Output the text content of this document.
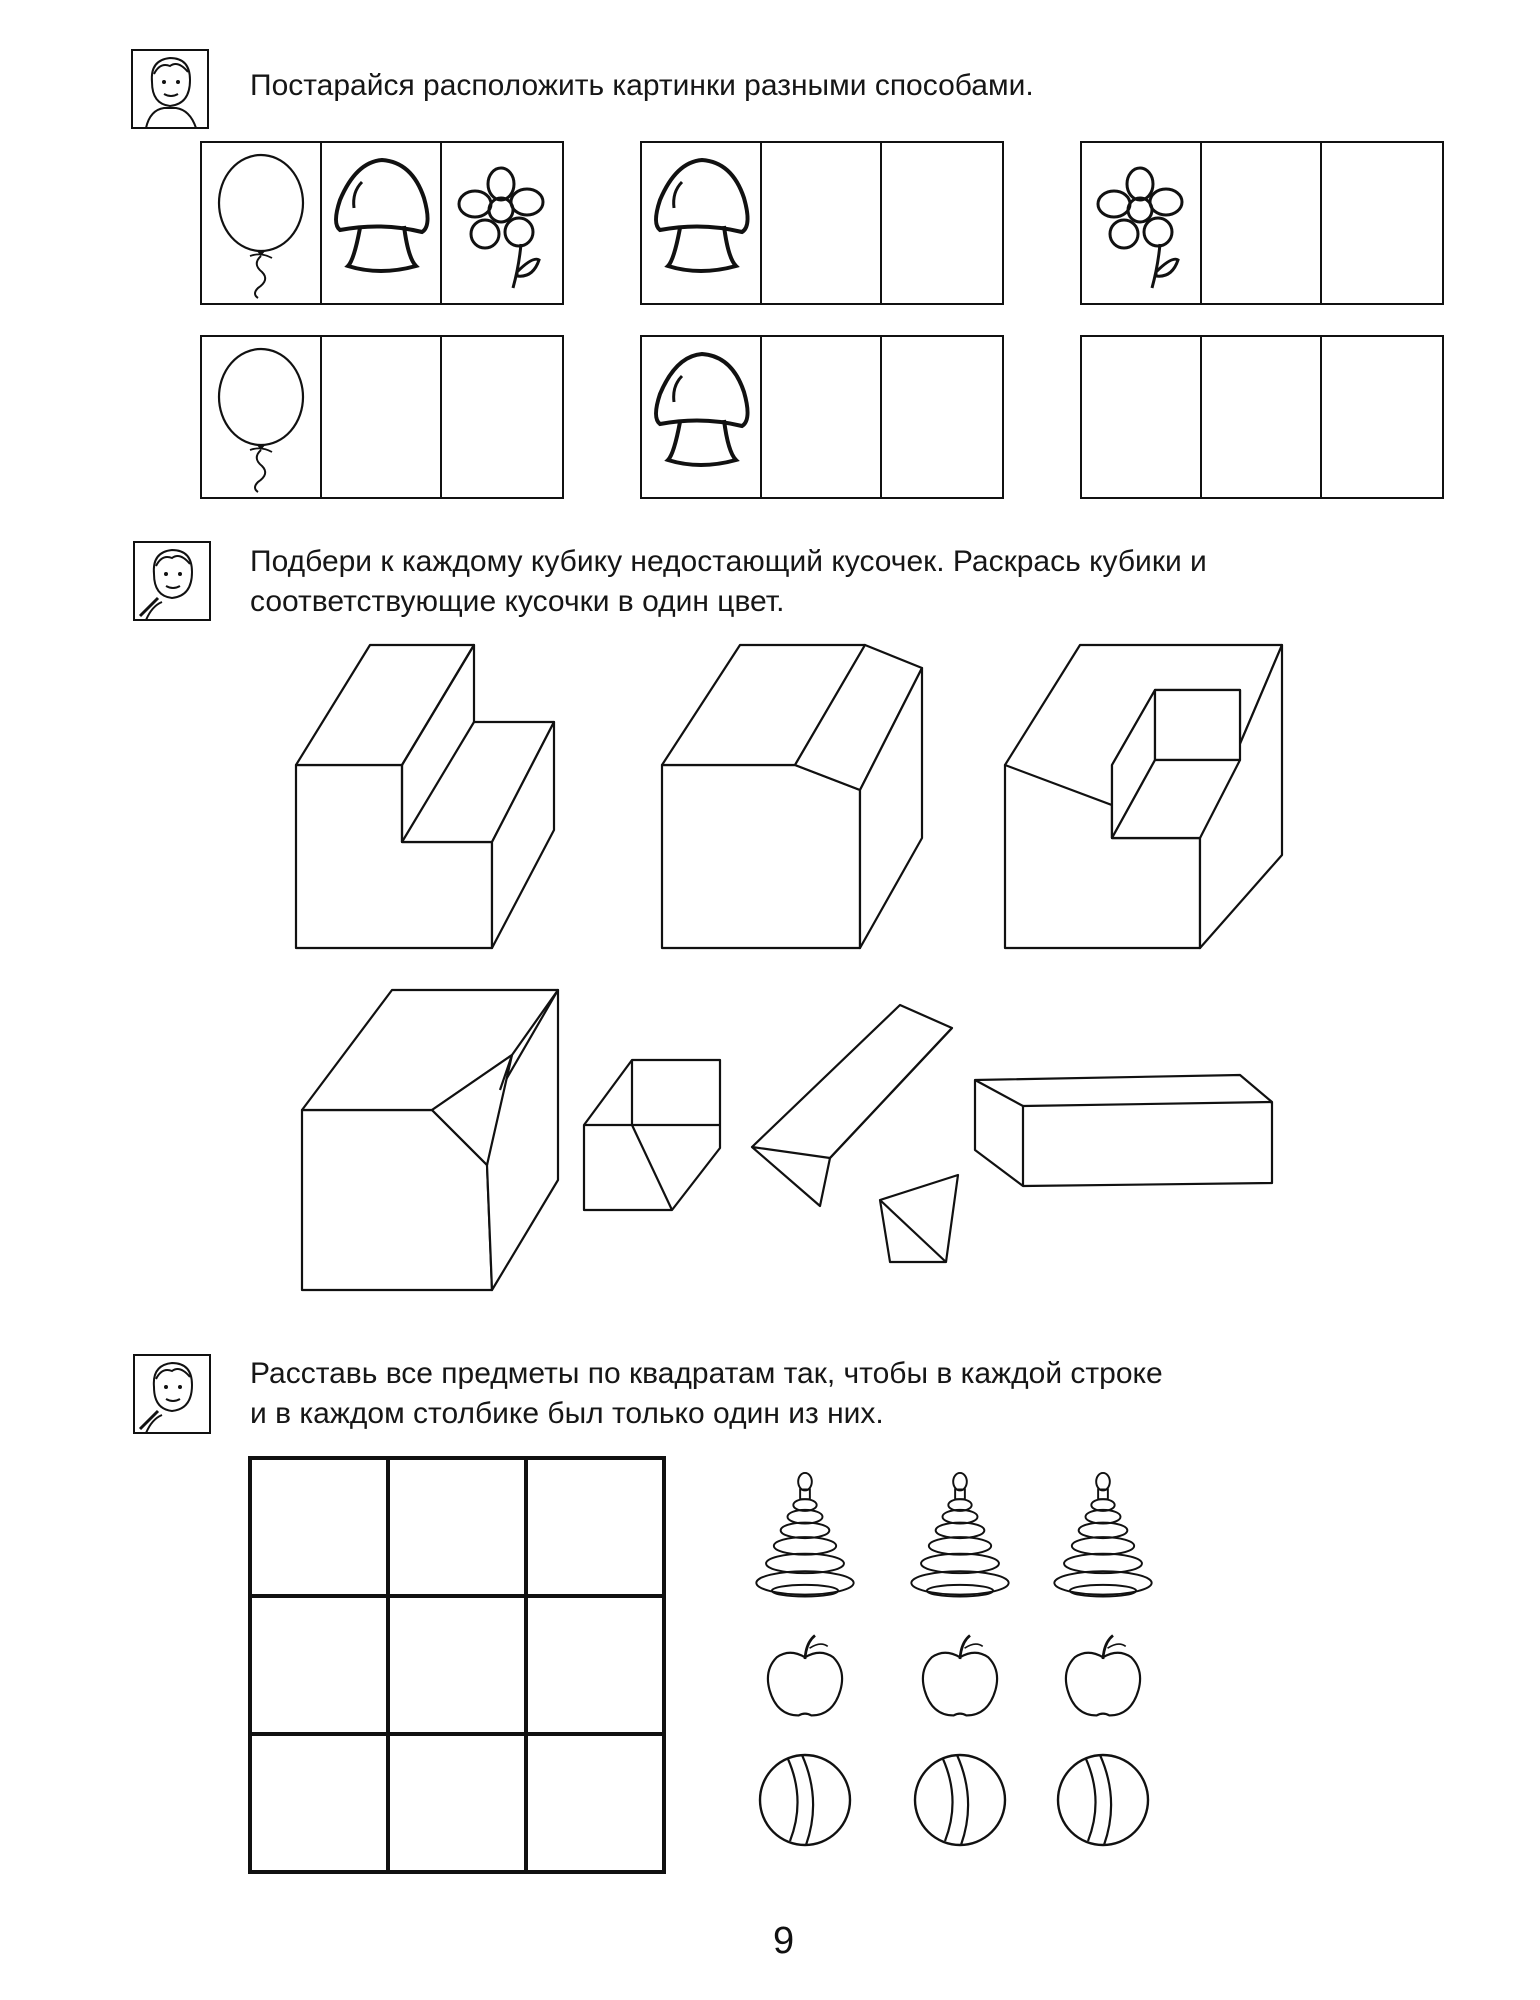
Постарайся расположить картинки разными способами.
Подбери к каждому кубику недостающий кусочек. Раскрась кубики и
соответствующие кусочки в один цвет.
Расставь все предметы по квадратам так, чтобы в каждой строке
и в каждом столбике был только один из них.
9
